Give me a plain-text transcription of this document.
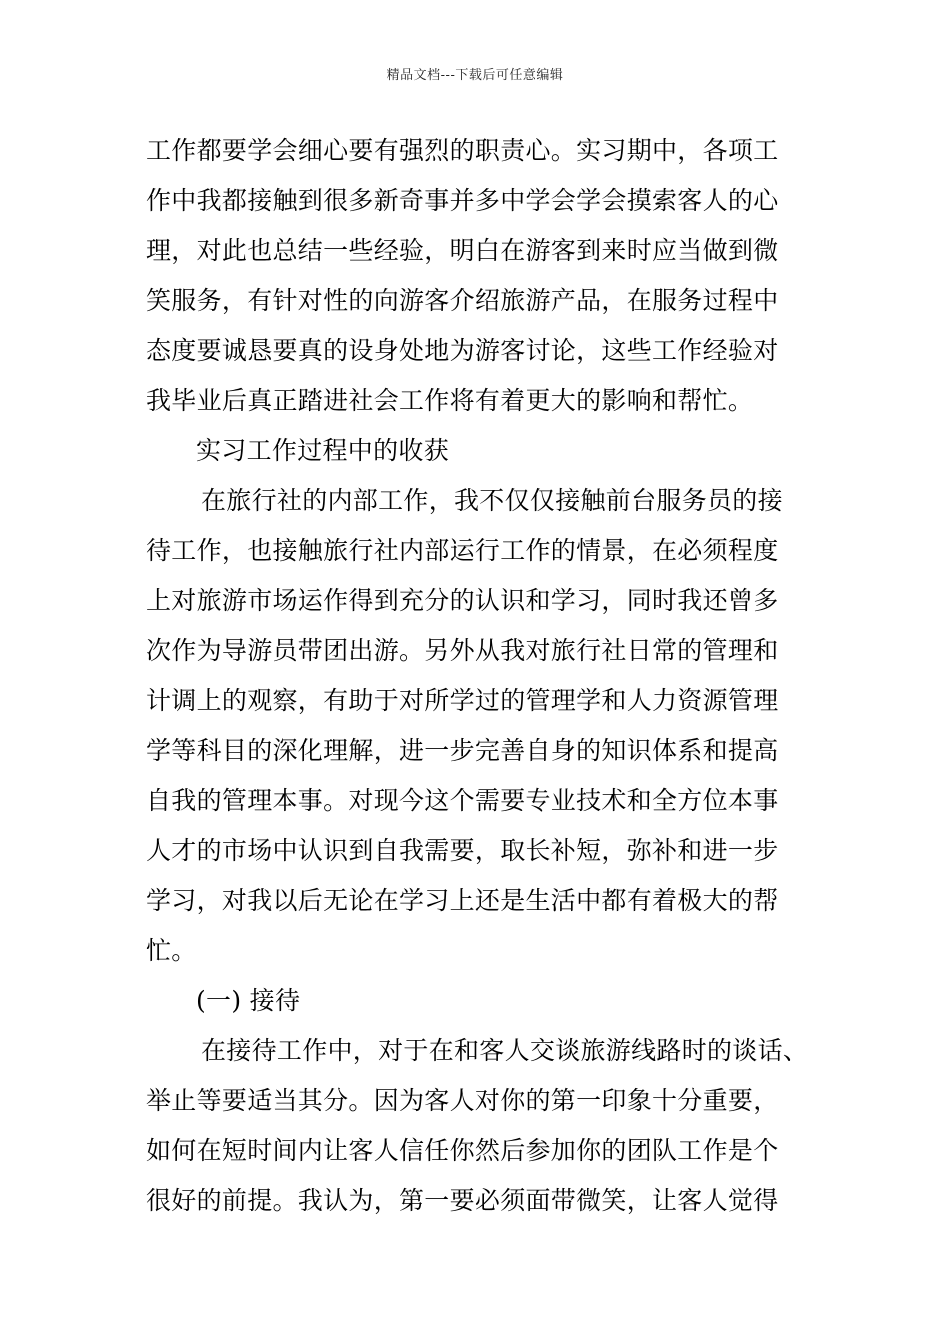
精品文档---下载后可任意编辑
工作都要学会细心要有强烈的职责心。实习期中，各项工
作中我都接触到很多新奇事并多中学会学会摸索客人的心
理，对此也总结一些经验，明白在游客到来时应当做到微
笑服务，有针对性的向游客介绍旅游产品，在服务过程中
态度要诚恳要真的设身处地为游客讨论，这些工作经验对
我毕业后真正踏进社会工作将有着更大的影响和帮忙。
实习工作过程中的收获
在旅行社的内部工作，我不仅仅接触前台服务员的接
待工作，也接触旅行社内部运行工作的情景，在必须程度
上对旅游市场运作得到充分的认识和学习，同时我还曾多
次作为导游员带团出游。另外从我对旅行社日常的管理和
计调上的观察，有助于对所学过的管理学和人力资源管理
学等科目的深化理解，进一步完善自身的知识体系和提高
自我的管理本事。对现今这个需要专业技术和全方位本事
人才的市场中认识到自我需要，取长补短，弥补和进一步
学习，对我以后无论在学习上还是生活中都有着极大的帮
忙。
(一) 接待
在接待工作中，对于在和客人交谈旅游线路时的谈话、
举止等要适当其分。因为客人对你的第一印象十分重要，
如何在短时间内让客人信任你然后参加你的团队工作是个
很好的前提。我认为，第一要必须面带微笑，让客人觉得
